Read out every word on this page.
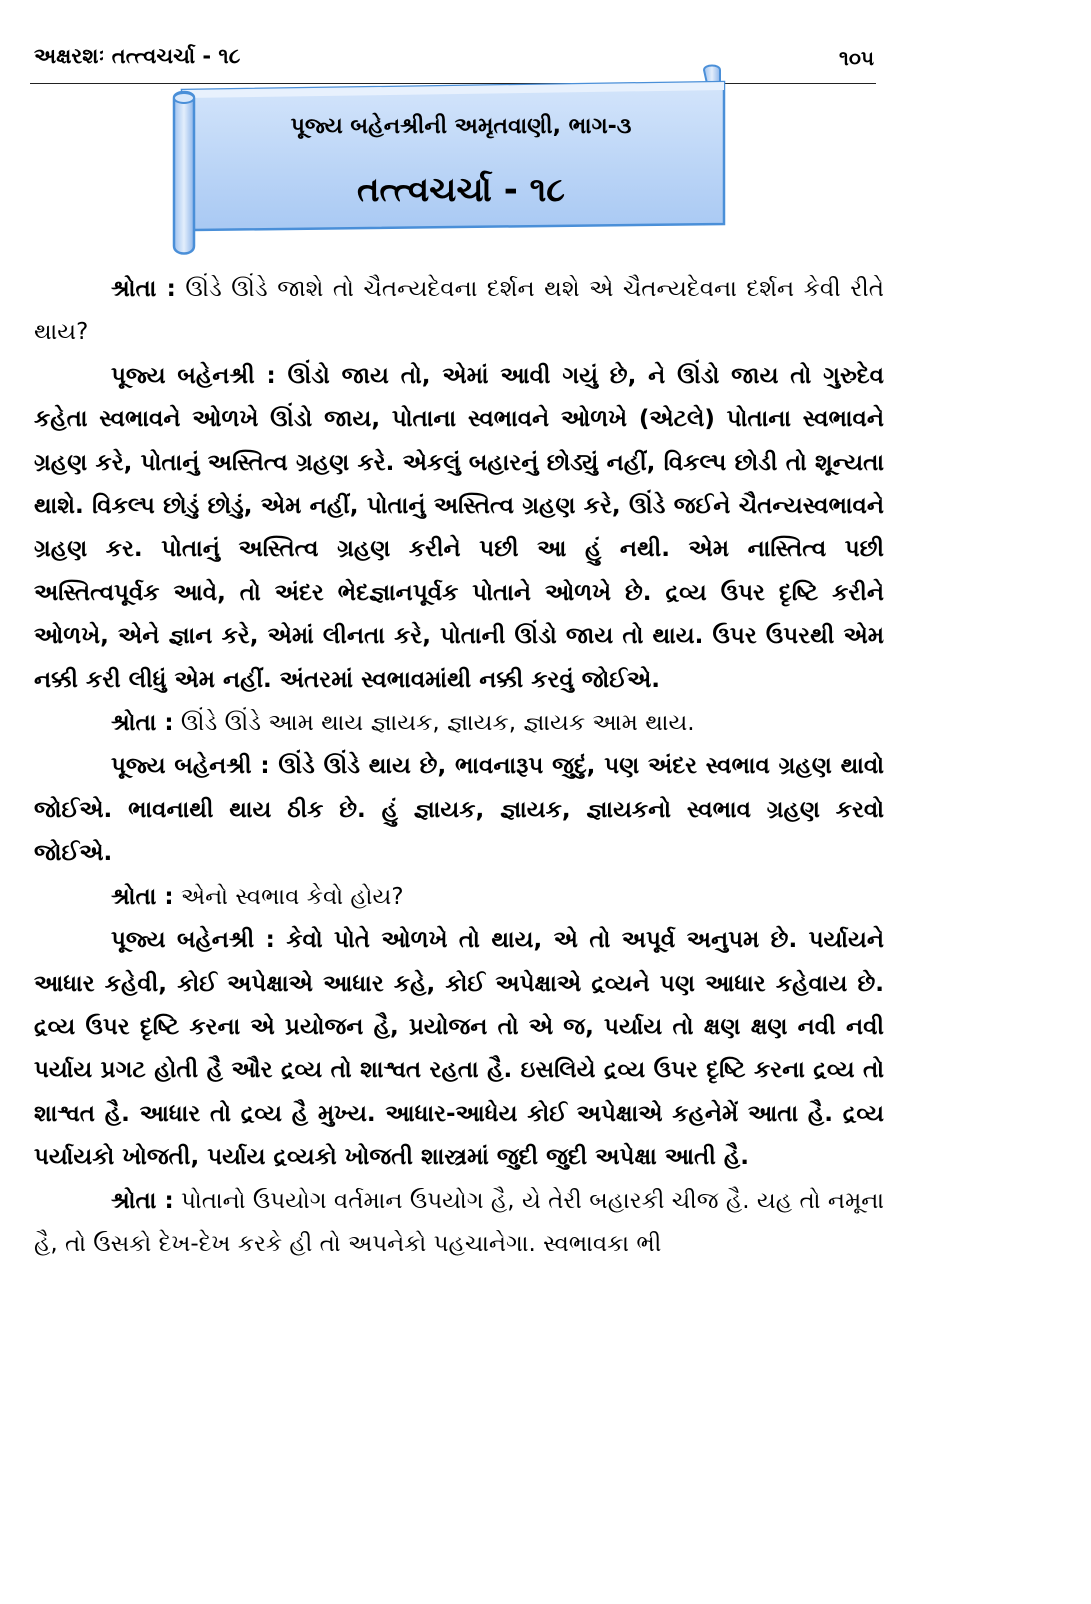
અક્ષરશઃ તત્ત્વચર્ચા - ૧૮	૧૦૫
પૂજ્ય બહેનશ્રીની અમૃતવાણી, ભાગ-૩
તત્ત્વચર્ચા - ૧૮

શ્રોતા : ઊંડે ઊંડે જાશે તો ચૈતન્યદેવના દર્શન થશે એ ચૈતન્યદેવના દર્શન કેવી રીતે થાય?

પૂજ્ય બહેનશ્રી : ઊંડો જાય તો, એમાં આવી ગયું છે, ને ઊંડો જાય તો ગુરુદેવ કહેતા સ્વભાવને ઓળખે ઊંડો જાય, પોતાના સ્વભાવને ઓળખે (એટલે) પોતાના સ્વભાવને ગ્રહણ કરે, પોતાનું અસ્તિત્વ ગ્રહણ કરે. એકલું બહારનું છોડ્યું નહીં, વિકલ્પ છોડી તો શૂન્યતા થાશે. વિકલ્પ છોડું છોડું, એમ નહીં, પોતાનું અસ્તિત્વ ગ્રહણ કરે, ઊંડે જઈને ચૈતન્યસ્વભાવને ગ્રહણ કર. પોતાનું અસ્તિત્વ ગ્રહણ કરીને પછી આ હું નથી. એમ નાસ્તિત્વ પછી અસ્તિત્વપૂર્વક આવે, તો અંદર ભેદજ્ઞાનપૂર્વક પોતાને ઓળખે છે. દ્રવ્ય ઉપર દૃષ્ટિ કરીને ઓળખે, એને જ્ઞાન કરે, એમાં લીનતા કરે, પોતાની ઊંડો જાય તો થાય. ઉપર ઉપરથી એમ નક્કી કરી લીધું એમ નહીં. અંતરમાં સ્વભાવમાંથી નક્કી કરવું જોઈએ.

શ્રોતા : ઊંડે ઊંડે આમ થાય જ્ઞાયક, જ્ઞાયક, જ્ઞાયક આમ થાય.

પૂજ્ય બહેનશ્રી : ઊંડે ઊંડે થાય છે, ભાવનારૂપ જુદું, પણ અંદર સ્વભાવ ગ્રહણ થાવો જોઈએ. ભાવનાથી થાય ઠીક છે. હું જ્ઞાયક, જ્ઞાયક, જ્ઞાયકનો સ્વભાવ ગ્રહણ કરવો જોઈએ.

શ્રોતા : એનો સ્વભાવ કેવો હોય?

પૂજ્ય બહેનશ્રી : કેવો પોતે ઓળખે તો થાય, એ તો અપૂર્વ અનુપમ છે. પર્યાયને આધાર કહેવી, કોઈ અપેક્ષાએ આધાર કહે, કોઈ અપેક્ષાએ દ્રવ્યને પણ આધાર કહેવાય છે. દ્રવ્ય ઉપર દૃષ્ટિ કરના એ પ્રયોજન હૈ, પ્રયોજન તો એ જ, પર્યાય તો ક્ષણ ક્ષણ નવી નવી પર્યાય પ્રગટ હોતી હૈ ઔર દ્રવ્ય તો શાશ્વત રહતા હૈ. ઇસલિયે દ્રવ્ય ઉપર દૃષ્ટિ કરના દ્રવ્ય તો શાશ્વત હૈ. આધાર તો દ્રવ્ય હૈ મુખ્ય. આધાર-આધેય કોઈ અપેક્ષાએ કહનેમેં આતા હૈ. દ્રવ્ય પર્યાયકો ખોજતી, પર્યાય દ્રવ્યકો ખોજતી શાસ્ત્રમાં જુદી જુદી અપેક્ષા આતી હૈ.

શ્રોતા : પોતાનો ઉપયોગ વર્તમાન ઉપયોગ હૈ, યે તેરી બહારકી ચીજ હૈ. યહ તો નમૂના હૈ, તો ઉસકો દેખ-દેખ કરકે હી તો અપનેકો પહચાનેગા. સ્વભાવકા ભી
